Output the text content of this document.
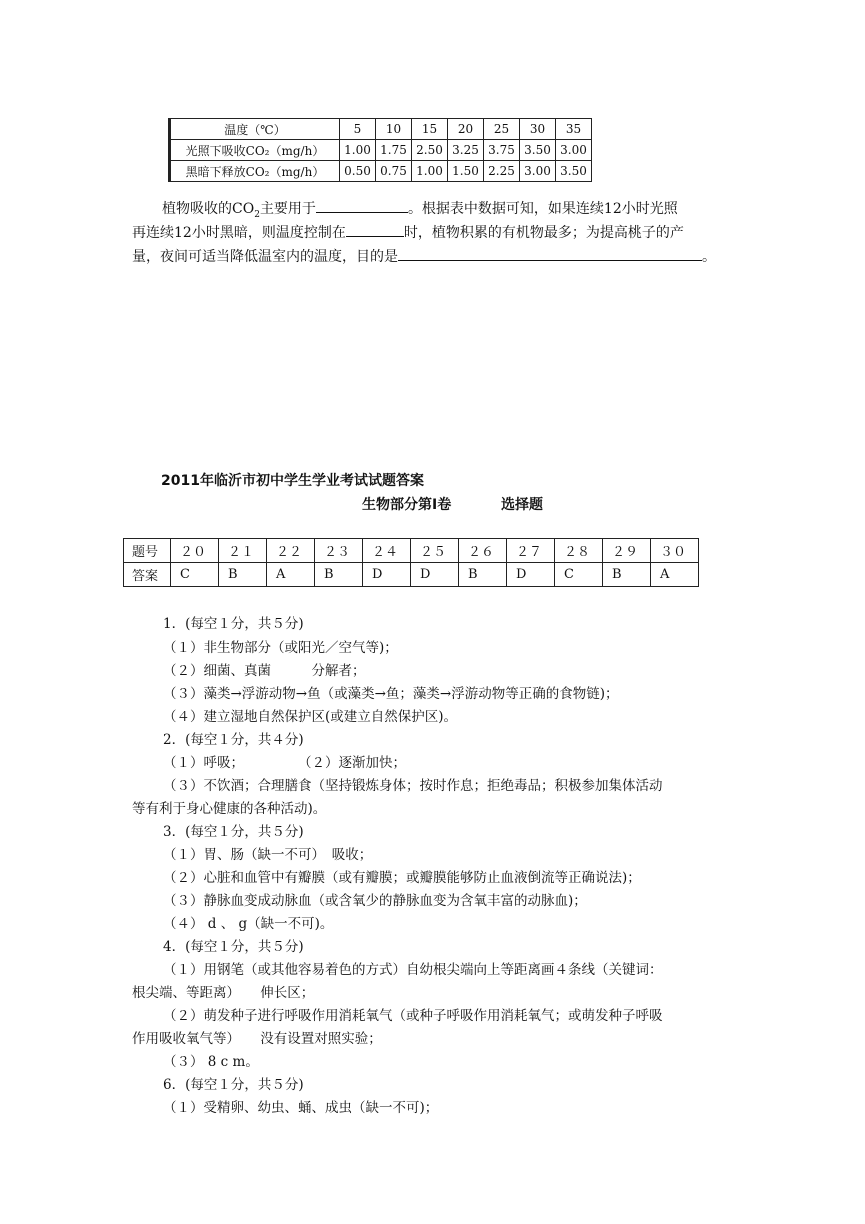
温度（℃）	5	10	15	20	25	30	35
光照下吸收CO₂（mg/h）	1.00	1.75	2.50	3.25	3.75	3.50	3.00
黑暗下释放CO₂（mg/h）	0.50	0.75	1.00	1.50	2.25	3.00	3.50
植物吸收的$CO_2$主要用于	。根据表中数据可知，如果连续12小时光照
再连续12小时黑暗，则温度控制在	时，植物积累的有机物最多；为提高桃子的产
量，夜间可适当降低温室内的温度，目的是	。
2011年临沂市初中学生学业考试试题答案
生物部分第Ⅰ卷	选择题
题号	２０	２１	２２	２３	２４	２５	２６	２７	２８	２９	３０
答案	C	B	A	B	D	D	B	D	C	B	A
1．(每空１分，共５分)
（１）非生物部分（或阳光／空气等)；
（２）细菌、真菌　　　分解者；
（３）藻类→浮游动物→鱼（或藻类→鱼；藻类→浮游动物等正确的食物链)；
（４）建立湿地自然保护区(或建立自然保护区)。
2．(每空１分，共４分)
（１）呼吸；　　　　　（２）逐渐加快；
（３）不饮酒；合理膳食（坚持锻炼身体；按时作息；拒绝毒品；积极参加集体活动
等有利于身心健康的各种活动)。
3．(每空１分，共５分)
（１）胃、肠（缺一不可）　吸收；
（２）心脏和血管中有瓣膜（或有瓣膜；或瓣膜能够防止血液倒流等正确说法)；
（３）静脉血变成动脉血（或含氧少的静脉血变为含氧丰富的动脉血)；
（４） d 、 g（缺一不可)。
4．(每空１分，共５分)
（１）用钢笔（或其他容易着色的方式）自幼根尖端向上等距离画４条线（关键词：
根尖端、等距离）　　伸长区；
（２）萌发种子进行呼吸作用消耗氧气（或种子呼吸作用消耗氧气；或萌发种子呼吸
作用吸收氧气等）　　没有设置对照实验；
（３） 8 c m。
6．(每空１分，共５分)
（１）受精卵、幼虫、蛹、成虫（缺一不可)；
